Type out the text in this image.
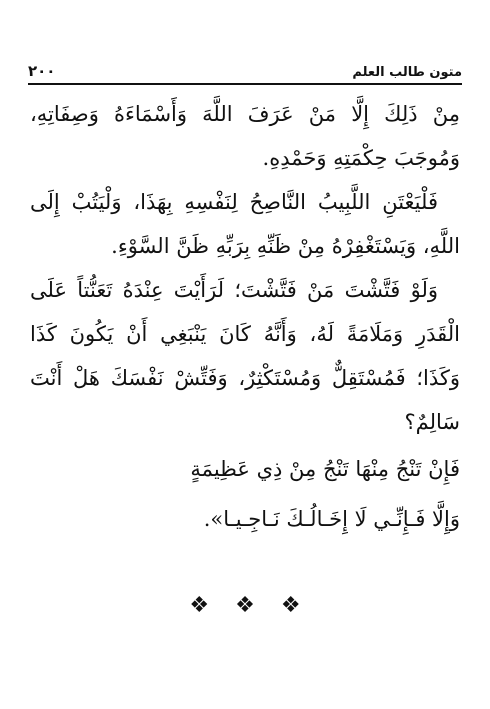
متون طالب العلم
٢٠٠

مِنْ ذَلِكَ إِلَّا مَنْ عَرَفَ اللَّهَ وَأَسْمَاءَهُ وَصِفَاتِهِ، وَمُوجَبَ حِكْمَتِهِ وَحَمْدِهِ.

فَلْيَعْتَنِ اللَّبِيبُ النَّاصِحُ لِنَفْسِهِ بِهَذَا، وَلْيَتُبْ إِلَى اللَّهِ، وَيَسْتَغْفِرْهُ مِنْ ظَنِّهِ بِرَبِّهِ ظَنَّ السَّوْءِ.

وَلَوْ فَتَّشْتَ مَنْ فَتَّشْتَ؛ لَرَأَيْتَ عِنْدَهُ تَعَنُّتاً عَلَى الْقَدَرِ وَمَلَامَةً لَهُ، وَأَنَّهُ كَانَ يَنْبَغِي أَنْ يَكُونَ كَذَا وَكَذَا؛ فَمُسْتَقِلٌّ وَمُسْتَكْثِرٌ، وَفَتِّشْ نَفْسَكَ هَلْ أَنْتَ سَالِمٌ؟

فَإِنْ تَنْجُ مِنْهَا تَنْجُ مِنْ ذِي عَظِيمَةٍ
وَإِلَّا فَـإِنِّـي لَا إِخَـالُـكَ نَـاجِـيـا».
❖ ❖ ❖
